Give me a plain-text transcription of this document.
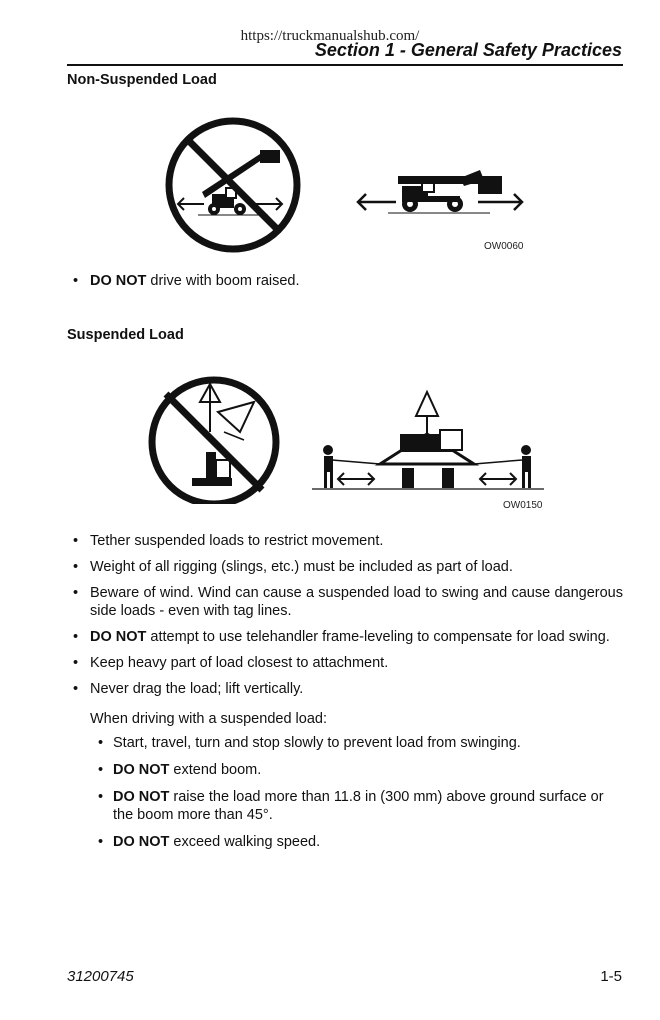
https://truckmanualshub.com/
Section 1 - General Safety Practices
Non-Suspended Load
OW0060
• DO NOT drive with boom raised.
Suspended Load
OW0150
• Tether suspended loads to restrict movement.
• Weight of all rigging (slings, etc.) must be included as part of load.
• Beware of wind. Wind can cause a suspended load to swing and cause dangerous side loads - even with tag lines.
• DO NOT attempt to use telehandler frame-leveling to compensate for load swing.
• Keep heavy part of load closest to attachment.
• Never drag the load; lift vertically.
When driving with a suspended load:
• Start, travel, turn and stop slowly to prevent load from swinging.
• DO NOT extend boom.
• DO NOT raise the load more than 11.8 in (300 mm) above ground surface or the boom more than 45°.
• DO NOT exceed walking speed.
31200745	1-5
